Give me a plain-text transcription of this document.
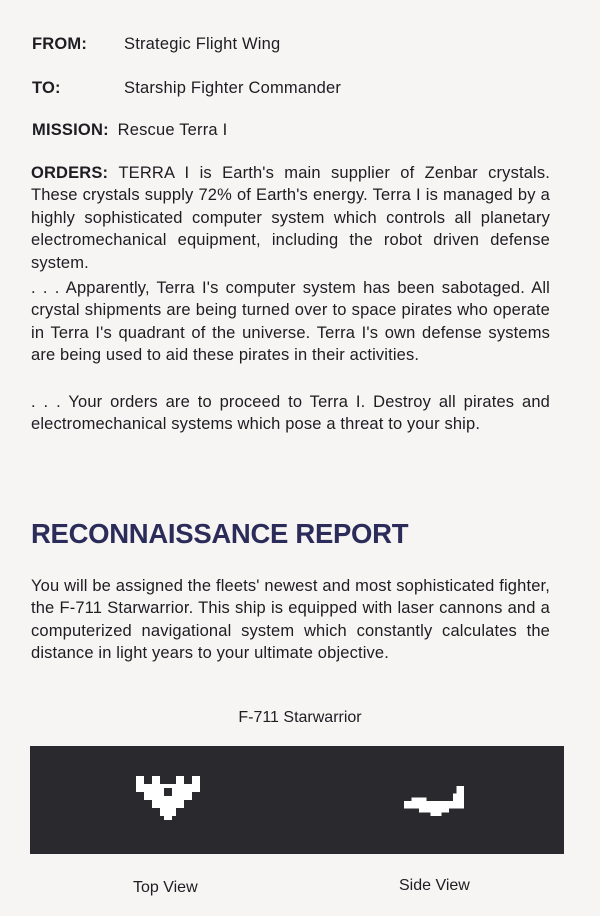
FROM: Strategic Flight Wing
TO:	Starship Fighter Commander
MISSION: Rescue Terra I

ORDERS: TERRA I is Earth's main supplier of Zenbar crystals. These crystals supply 72% of Earth's energy. Terra I is managed by a highly sophisticated computer system which controls all planetary electromechanical equipment, including the robot driven defense system.

. . . Apparently, Terra I's computer system has been sabotaged. All crystal shipments are being turned over to space pirates who operate in Terra I's quadrant of the universe. Terra I's own defense systems are being used to aid these pirates in their activities.

. . . Your orders are to proceed to Terra I. Destroy all pirates and electromechanical systems which pose a threat to your ship.

RECONNAISSANCE REPORT

You will be assigned the fleets' newest and most sophisticated fighter, the F-711 Starwarrior. This ship is equipped with laser cannons and a computerized navigational system which constantly calculates the distance in light years to your ultimate objective.

F-711 Starwarrior
Top View	Side View
